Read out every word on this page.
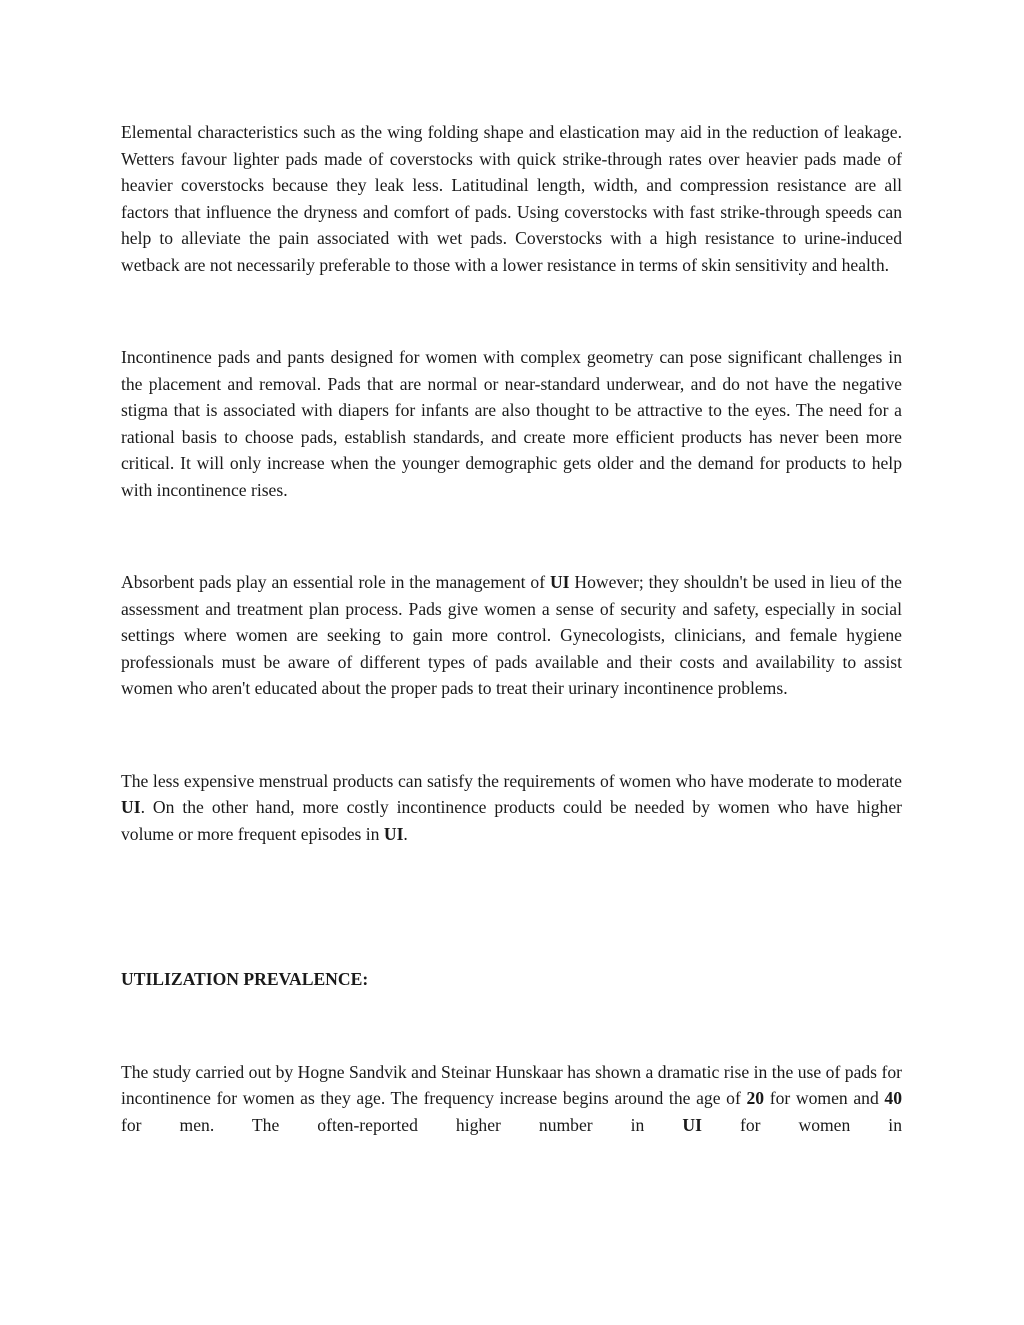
Elemental characteristics such as the wing folding shape and elastication may aid in the reduction of leakage. Wetters favour lighter pads made of coverstocks with quick strike-through rates over heavier pads made of heavier coverstocks because they leak less. Latitudinal length, width, and compression resistance are all factors that influence the dryness and comfort of pads. Using coverstocks with fast strike-through speeds can help to alleviate the pain associated with wet pads. Coverstocks with a high resistance to urine-induced wetback are not necessarily preferable to those with a lower resistance in terms of skin sensitivity and health.

Incontinence pads and pants designed for women with complex geometry can pose significant challenges in the placement and removal. Pads that are normal or near-standard underwear, and do not have the negative stigma that is associated with diapers for infants are also thought to be attractive to the eyes. The need for a rational basis to choose pads, establish standards, and create more efficient products has never been more critical. It will only increase when the younger demographic gets older and the demand for products to help with incontinence rises.

Absorbent pads play an essential role in the management of UI However; they shouldn't be used in lieu of the assessment and treatment plan process. Pads give women a sense of security and safety, especially in social settings where women are seeking to gain more control. Gynecologists, clinicians, and female hygiene professionals must be aware of different types of pads available and their costs and availability to assist women who aren't educated about the proper pads to treat their urinary incontinence problems.

The less expensive menstrual products can satisfy the requirements of women who have moderate to moderate UI. On the other hand, more costly incontinence products could be needed by women who have higher volume or more frequent episodes in UI.

UTILIZATION PREVALENCE:

The study carried out by Hogne Sandvik and Steinar Hunskaar has shown a dramatic rise in the use of pads for incontinence for women as they age. The frequency increase begins around the age of 20 for women and 40 for men. The often-reported higher number in UI for women in
